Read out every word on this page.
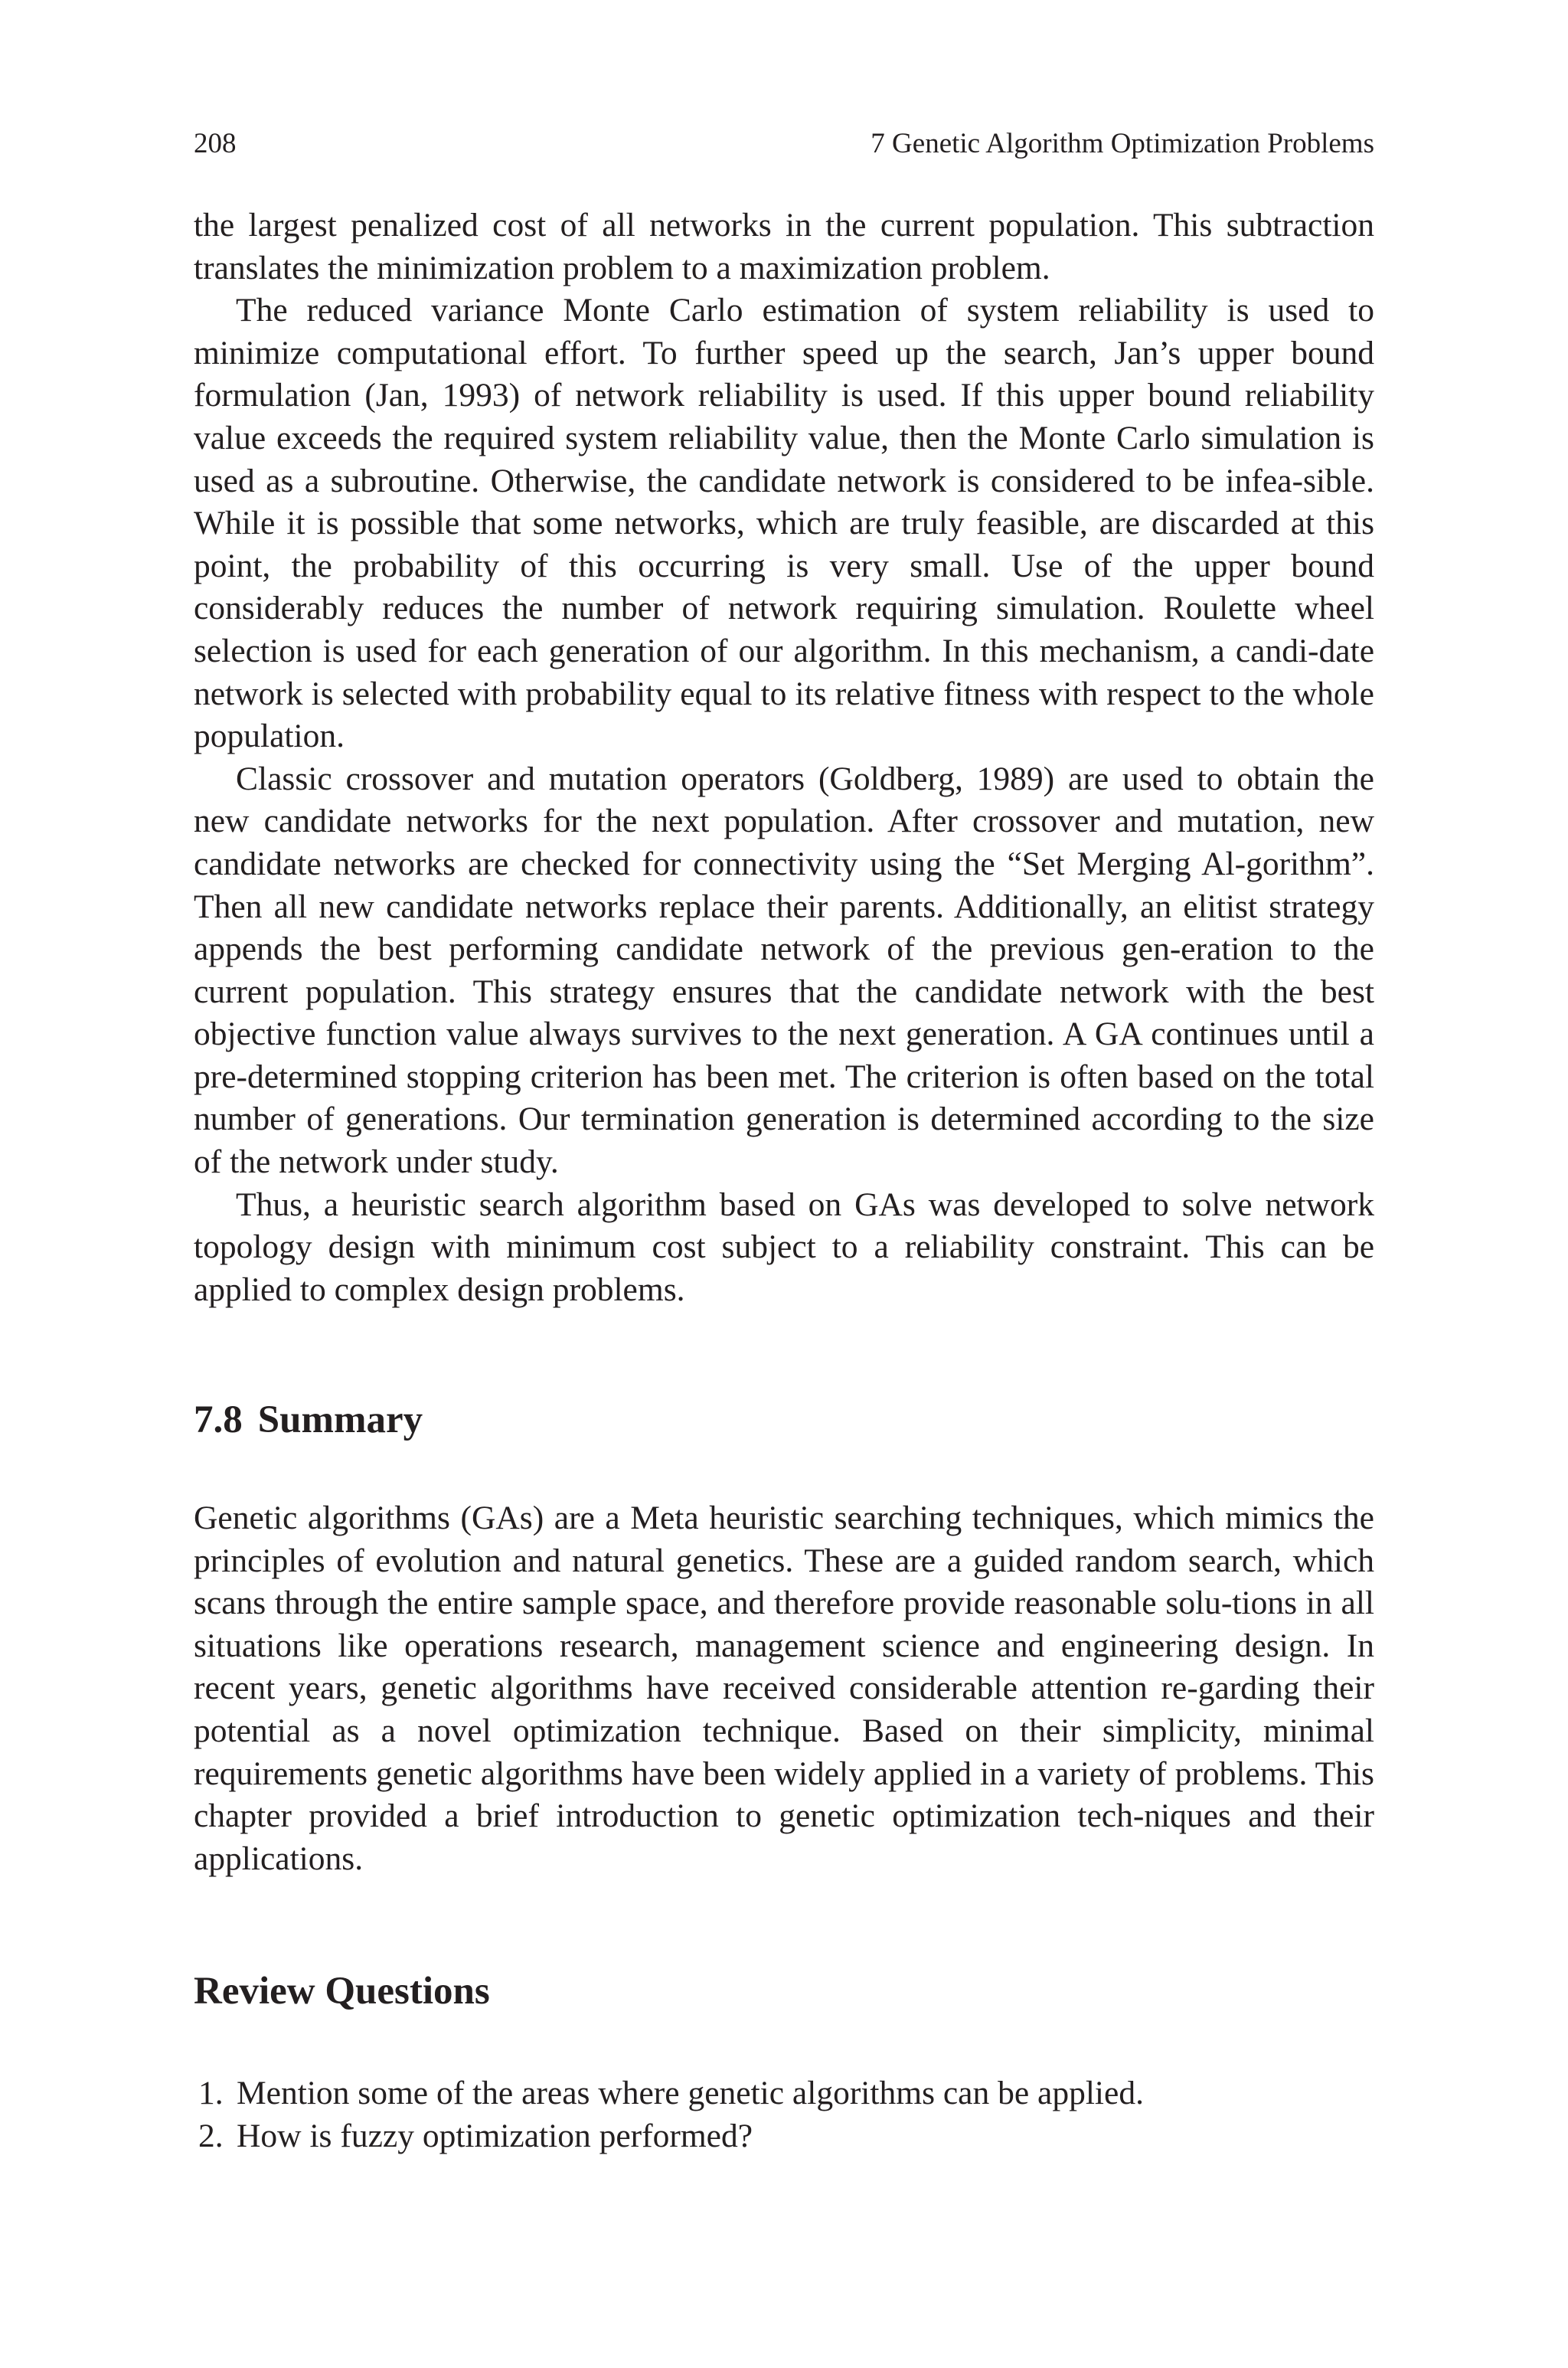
208	7 Genetic Algorithm Optimization Problems

the largest penalized cost of all networks in the current population. This subtraction translates the minimization problem to a maximization problem.

The reduced variance Monte Carlo estimation of system reliability is used to minimize computational effort. To further speed up the search, Jan’s upper bound formulation (Jan, 1993) of network reliability is used. If this upper bound reliability value exceeds the required system reliability value, then the Monte Carlo simulation is used as a subroutine. Otherwise, the candidate network is considered to be infea-sible. While it is possible that some networks, which are truly feasible, are discarded at this point, the probability of this occurring is very small. Use of the upper bound considerably reduces the number of network requiring simulation. Roulette wheel selection is used for each generation of our algorithm. In this mechanism, a candi-date network is selected with probability equal to its relative fitness with respect to the whole population.

Classic crossover and mutation operators (Goldberg, 1989) are used to obtain the new candidate networks for the next population. After crossover and mutation, new candidate networks are checked for connectivity using the “Set Merging Al-gorithm”. Then all new candidate networks replace their parents. Additionally, an elitist strategy appends the best performing candidate network of the previous gen-eration to the current population. This strategy ensures that the candidate network with the best objective function value always survives to the next generation. A GA continues until a pre-determined stopping criterion has been met. The criterion is often based on the total number of generations. Our termination generation is determined according to the size of the network under study.

Thus, a heuristic search algorithm based on GAs was developed to solve network topology design with minimum cost subject to a reliability constraint. This can be applied to complex design problems.

7.8 Summary

Genetic algorithms (GAs) are a Meta heuristic searching techniques, which mimics the principles of evolution and natural genetics. These are a guided random search, which scans through the entire sample space, and therefore provide reasonable solu-tions in all situations like operations research, management science and engineering design. In recent years, genetic algorithms have received considerable attention re-garding their potential as a novel optimization technique. Based on their simplicity, minimal requirements genetic algorithms have been widely applied in a variety of problems. This chapter provided a brief introduction to genetic optimization tech-niques and their applications.

Review Questions
1. Mention some of the areas where genetic algorithms can be applied.
2. How is fuzzy optimization performed?
